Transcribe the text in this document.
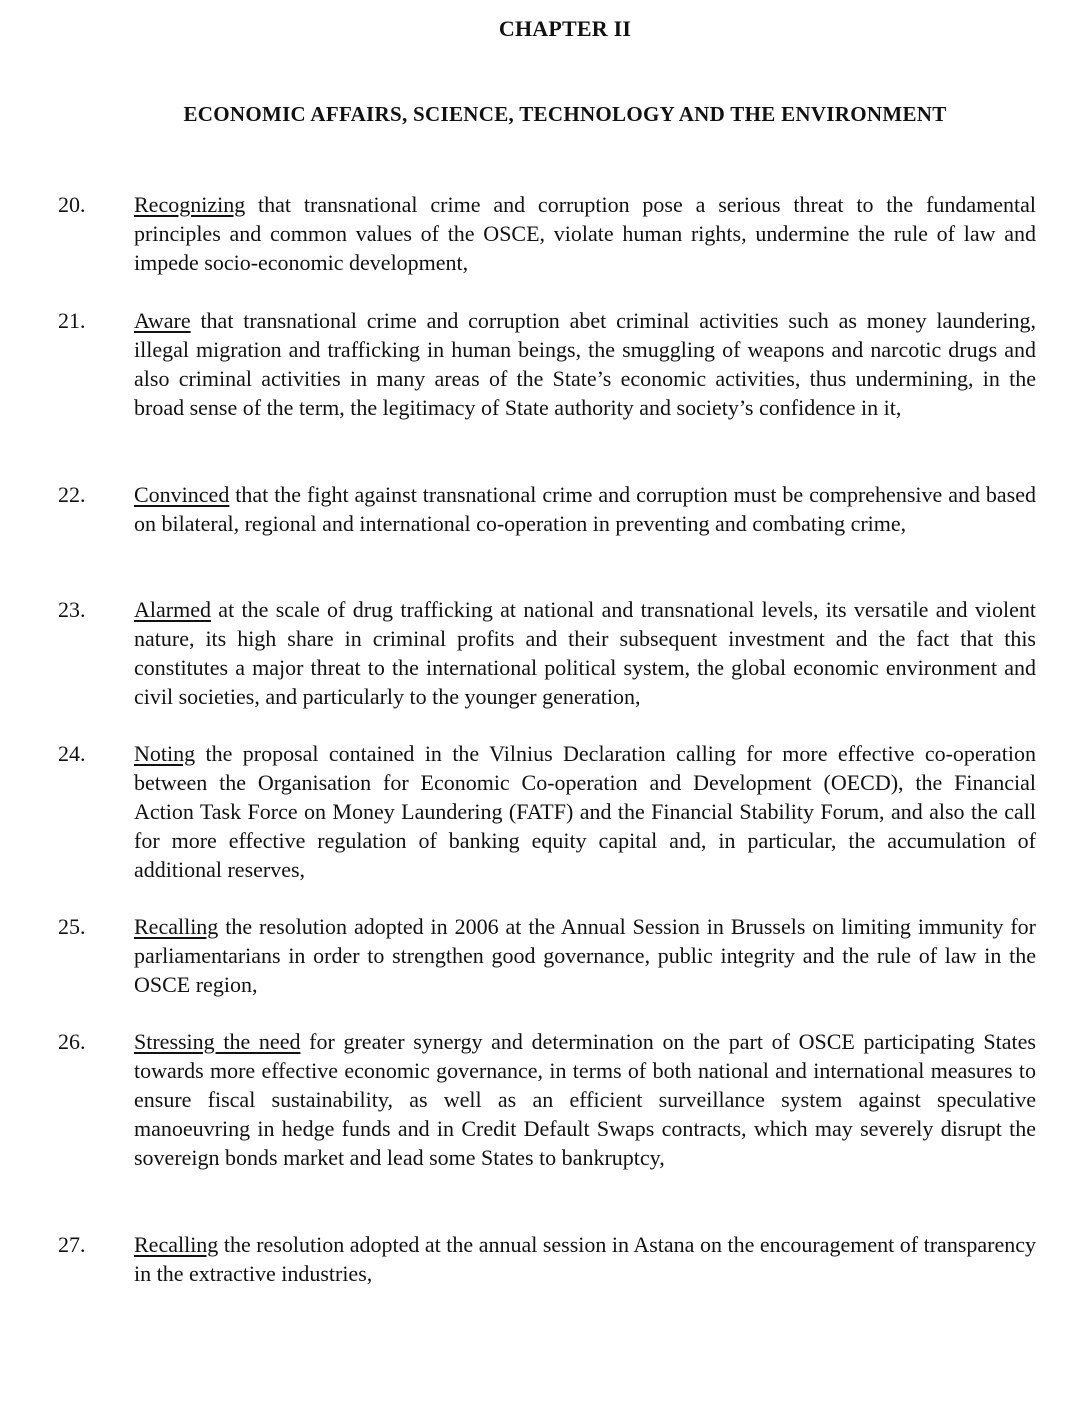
CHAPTER II
ECONOMIC AFFAIRS, SCIENCE, TECHNOLOGY AND THE ENVIRONMENT
20.	Recognizing that transnational crime and corruption pose a serious threat to the fundamental principles and common values of the OSCE, violate human rights, undermine the rule of law and impede socio-economic development,
21.	Aware that transnational crime and corruption abet criminal activities such as money laundering, illegal migration and trafficking in human beings, the smuggling of weapons and narcotic drugs and also criminal activities in many areas of the State’s economic activities, thus undermining, in the broad sense of the term, the legitimacy of State authority and society’s confidence in it,
22.	Convinced that the fight against transnational crime and corruption must be comprehensive and based on bilateral, regional and international co-operation in preventing and combating crime,
23.	Alarmed at the scale of drug trafficking at national and transnational levels, its versatile and violent nature, its high share in criminal profits and their subsequent investment and the fact that this constitutes a major threat to the international political system, the global economic environment and civil societies, and particularly to the younger generation,
24.	Noting the proposal contained in the Vilnius Declaration calling for more effective co-operation between the Organisation for Economic Co-operation and Development (OECD), the Financial Action Task Force on Money Laundering (FATF) and the Financial Stability Forum, and also the call for more effective regulation of banking equity capital and, in particular, the accumulation of additional reserves,
25.	Recalling the resolution adopted in 2006 at the Annual Session in Brussels on limiting immunity for parliamentarians in order to strengthen good governance, public integrity and the rule of law in the OSCE region,
26.	Stressing the need for greater synergy and determination on the part of OSCE participating States towards more effective economic governance, in terms of both national and international measures to ensure fiscal sustainability, as well as an efficient surveillance system against speculative manoeuvring in hedge funds and in Credit Default Swaps contracts, which may severely disrupt the sovereign bonds market and lead some States to bankruptcy,
27.	Recalling the resolution adopted at the annual session in Astana on the encouragement of transparency in the extractive industries,
